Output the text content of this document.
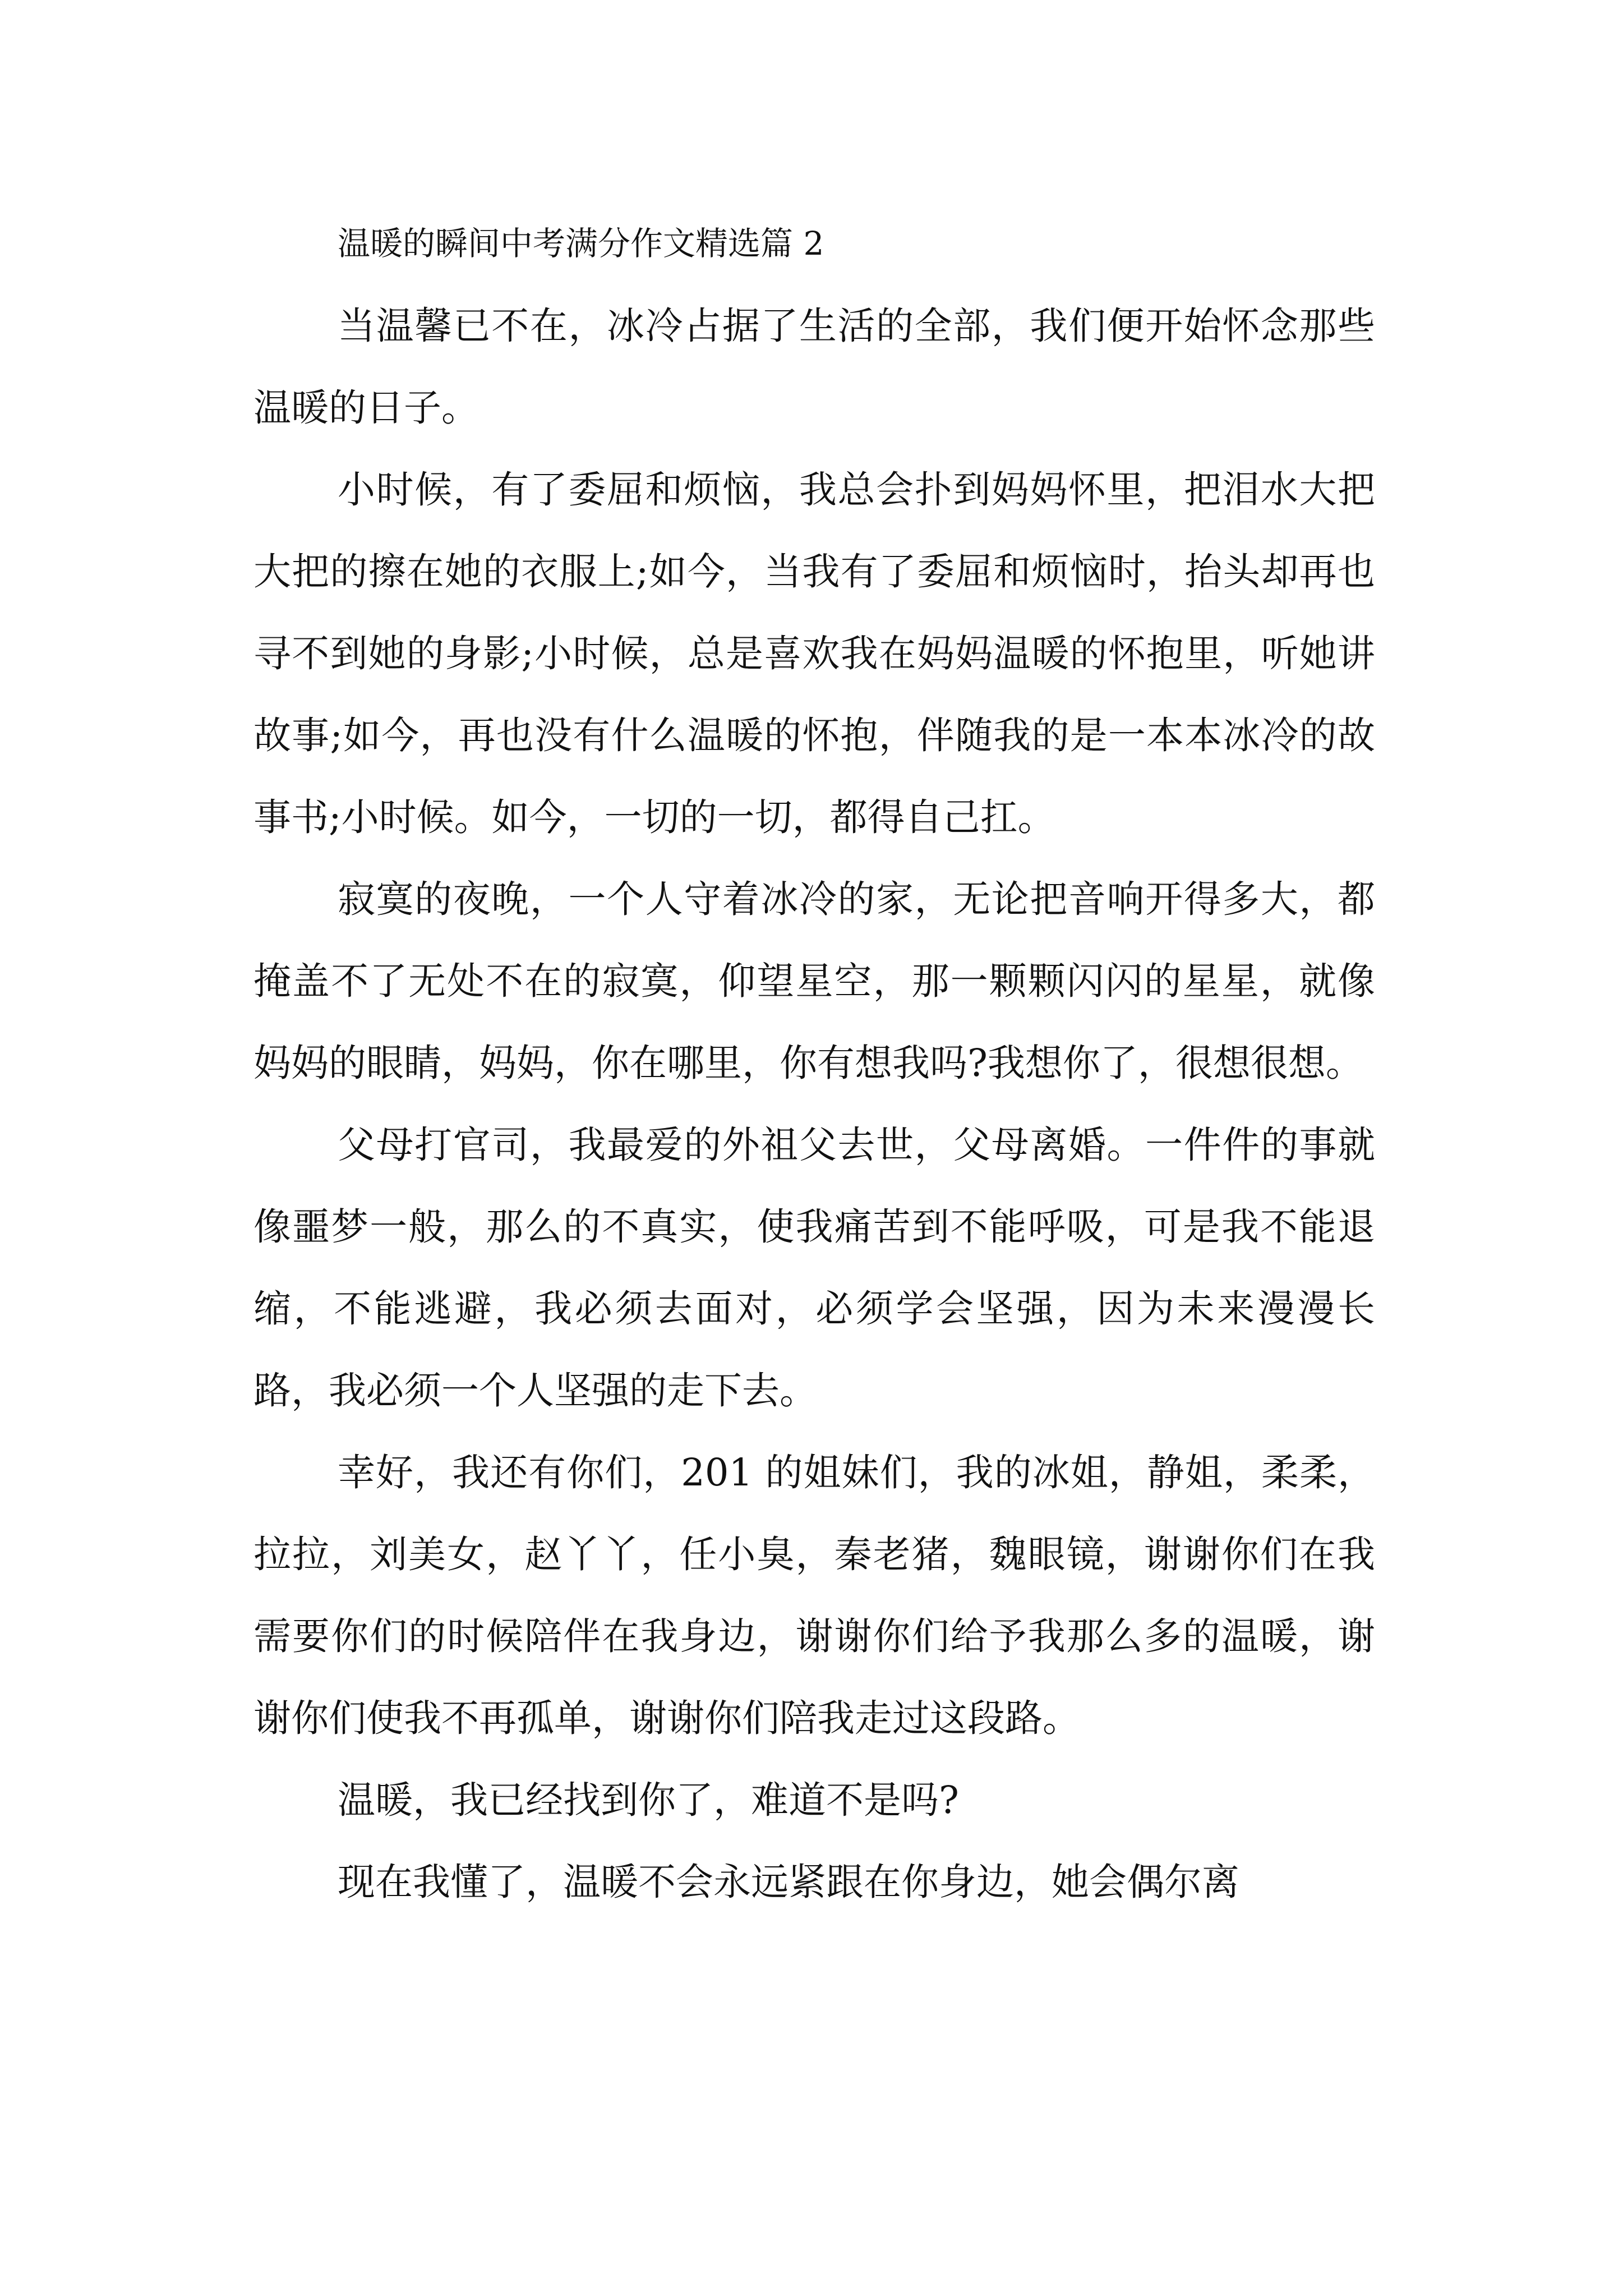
温暖的瞬间中考满分作文精选篇 2

当温馨已不在，冰冷占据了生活的全部，我们便开始怀念那些温暖的日子。

小时候，有了委屈和烦恼，我总会扑到妈妈怀里，把泪水大把大把的擦在她的衣服上;如今，当我有了委屈和烦恼时，抬头却再也寻不到她的身影;小时候，总是喜欢我在妈妈温暖的怀抱里，听她讲故事;如今，再也没有什么温暖的怀抱，伴随我的是一本本冰冷的故事书;小时候。如今，一切的一切，都得自己扛。

寂寞的夜晚，一个人守着冰冷的家，无论把音响开得多大，都掩盖不了无处不在的寂寞，仰望星空，那一颗颗闪闪的星星，就像妈妈的眼睛，妈妈，你在哪里，你有想我吗?我想你了，很想很想。

父母打官司，我最爱的外祖父去世，父母离婚。一件件的事就像噩梦一般，那么的不真实，使我痛苦到不能呼吸，可是我不能退缩，不能逃避，我必须去面对，必须学会坚强，因为未来漫漫长路，我必须一个人坚强的走下去。

幸好，我还有你们，201 的姐妹们，我的冰姐，静姐，柔柔，拉拉，刘美女，赵丫丫，任小臭，秦老猪，魏眼镜，谢谢你们在我需要你们的时候陪伴在我身边，谢谢你们给予我那么多的温暖，谢谢你们使我不再孤单，谢谢你们陪我走过这段路。

温暖，我已经找到你了，难道不是吗?

现在我懂了，温暖不会永远紧跟在你身边，她会偶尔离
